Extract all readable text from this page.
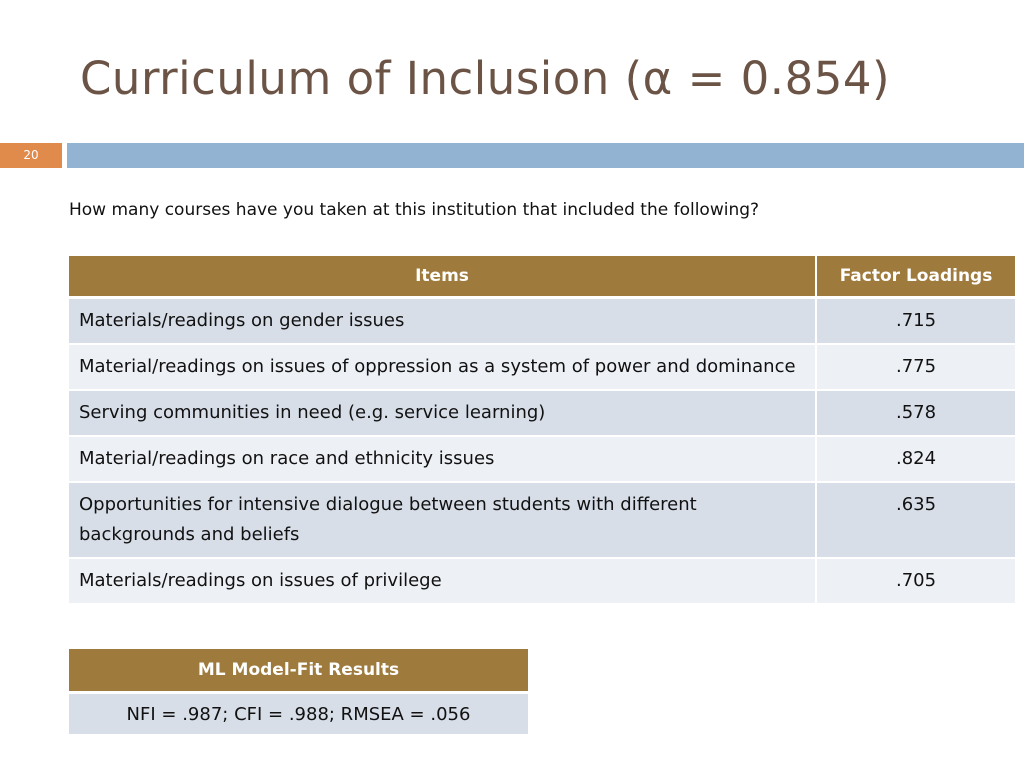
Curriculum of Inclusion (α = 0.854)
20
How many courses have you taken at this institution that included the following?
Items	Factor Loadings
Materials/readings on gender issues	.715
Material/readings on issues of oppression as a system of power and dominance	.775
Serving communities in need (e.g. service learning)	.578
Material/readings on race and ethnicity issues	.824
Opportunities for intensive dialogue between students with different backgrounds and beliefs	.635
Materials/readings on issues of privilege	.705
ML Model-Fit Results
NFI = .987; CFI = .988; RMSEA = .056
